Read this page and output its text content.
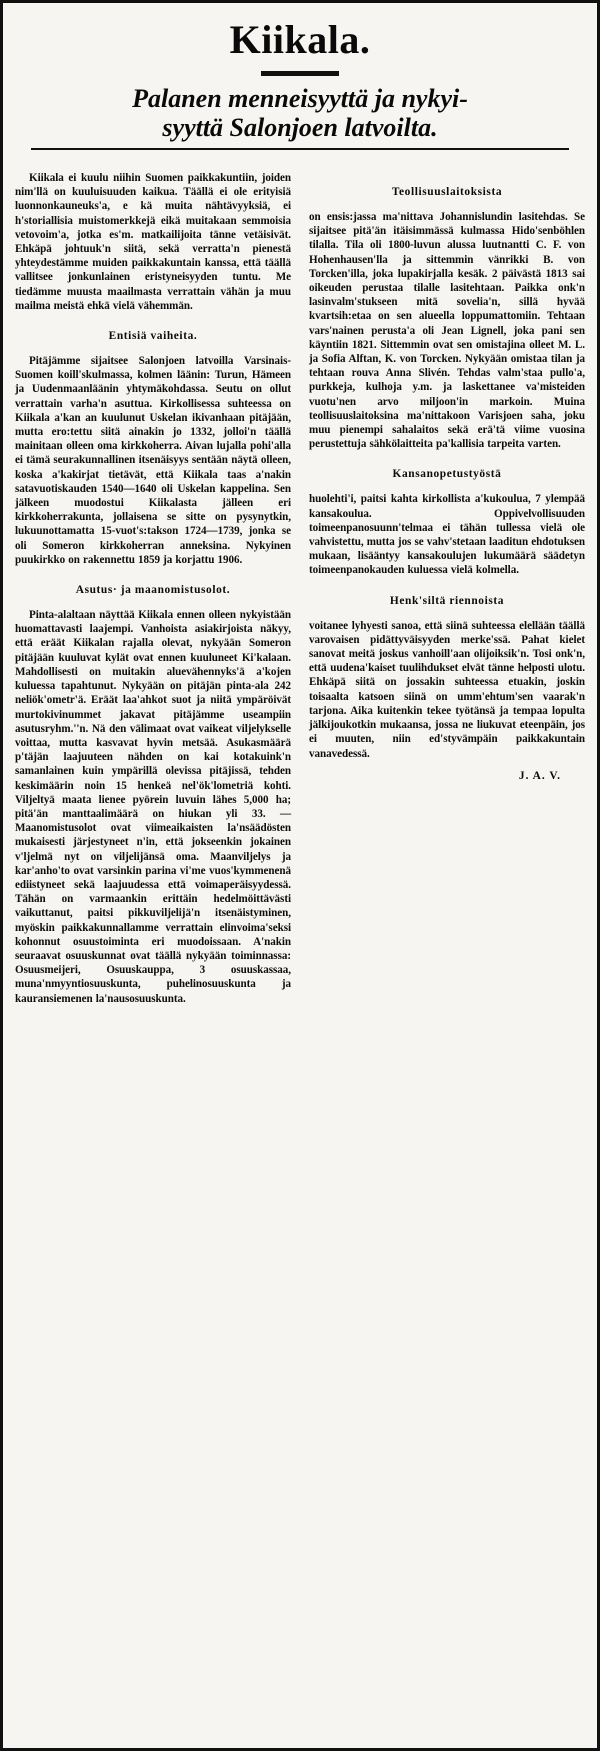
Kiikala.
Palanen menneisyyttä ja nykyi-
syyttä Salonjoen latvoilta.

Kiikala ei kuulu niihin Suomen paikkakuntiin, joiden nim'llä on kuuluisuuden kaikua. Täällä ei ole erityisiä luonnonkauneuks'a, e kä muita nähtävyyksiä, ei h'storiallisia muistomerkkejä eikä muitakaan semmoisia vetovoim'a, jotka es'm. matkailijoita tänne vetäisivät. Ehkäpä johtuuk'n siitä, sekä verratta'n pienestä yhteydestämme muiden paikkakuntain kanssa, että täällä vallitsee jonkunlainen eristyneisyyden tuntu. Me tiedämme muusta maailmasta verrattain vähän ja muu mailma meistä ehkä vielä vähemmän.

Entisiä vaiheita.

Pitäjämme sijaitsee Salonjoen latvoilla Varsinais-Suomen koill'skulmassa, kolmen läänin: Turun, Hämeen ja Uudenmaanläänin yhtymäkohdassa. Seutu on ollut verrattain varha'n asuttua. Kirkollisessa suhteessa on Kiikala a'kan an kuulunut Uskelan ikivanhaan pitäjään, mutta ero:tettu siitä ainakin jo 1332, jolloi'n täällä mainitaan olleen oma kirkkoherra. Aivan lujalla pohi'alla ei tämä seurakunnallinen itsenäisyys sentään näytä olleen, koska a'kakirjat tietävät, että Kiikala taas a'nakin satavuotiskauden 1540—1640 oli Uskelan kappelina. Sen jälkeen muodostui Kiikalasta jälleen eri kirkkoherrakunta, jollaisena se sitte on pysynytkin, lukuunottamatta 15-vuot's:takson 1724—1739, jonka se oli Someron kirkkoherran anneksina. Nykyinen puukirkko on rakennettu 1859 ja korjattu 1906.

Asutus· ja maanomistusolot.

Pinta-alaltaan näyttää Kiikala ennen olleen nykyistään huomattavasti laajempi. Vanhoista asiakirjoista näkyy, että eräät Kiikalan rajalla olevat, nykyään Someron pitäjään kuuluvat kylät ovat ennen kuuluneet Ki'kalaan. Mahdollisesti on muitakin aluevähennyks'ä a'kojen kuluessa tapahtunut. Nykyään on pitäjän pinta-ala 242 neliök'ometr'ä. Eräät laa'ahkot suot ja niitä ympäröivät murtokivinummet jakavat pitäjämme useampiin asutusryhm.''n. Nä den välimaat ovat vaikeat viljelykselle voittaa, mutta kasvavat hyvin metsää. Asukasmäärä p'täjän laajuuteen nähden on kai kotakuink'n samanlainen kuin ympärillä olevissa pitäjissä, tehden keskimäärin noin 15 henkeä nel'ök'lometriä kohti. Viljeltyä maata lienee pyörein luvuin lähes 5,000 ha; pitä'än manttaalimäärä on hiukan yli 33. — Maanomistusolot ovat viimeaikaisten la'nsäädösten mukaisesti järjestyneet n'in, että jokseenkin jokainen v'ljelmä nyt on viljelijänsä oma. Maanviljelys ja kar'anho'to ovat varsinkin parina vi'me vuos'kymmenenä ediistyneet sekä laajuudessa että voimaperäisyydessä. Tähän on varmaankin erittäin hedelmöittävästi vaikuttanut, paitsi pikkuviljelijä'n itsenäistyminen, myöskin paikkakunnallamme verrattain elinvoima'seksi kohonnut osuustoiminta eri muodoissaan. A'nakin seuraavat osuuskunnat ovat täällä nykyään toiminnassa: Osuusmeijeri, Osuuskauppa, 3 osuuskassaa, muna'nmyyntiosuuskunta, puhelinosuuskunta ja kauransiemenen la'nausosuuskunta.

Teollisuuslaitoksista

on ensis:jassa ma'nittava Johannislundin lasitehdas. Se sijaitsee pitä'än itäisimmässä kulmassa Hido'senböhlen tilalla. Tila oli 1800-luvun alussa luutnantti C. F. von Hohenhausen'lla ja sittemmin vänrikki B. von Torcken'illa, joka lupakirjalla kesäk. 2 päivästä 1813 sai oikeuden perustaa tilalle lasitehtaan. Paikka onk'n lasinvalm'stukseen mitä sovelia'n, sillä hyvää kvartsih:etaa on sen alueella loppumattomiin. Tehtaan vars'nainen perusta'a oli Jean Lignell, joka pani sen käyntiin 1821. Sittemmin ovat sen omistajina olleet M. L. ja Sofia Alftan, K. von Torcken. Nykyään omistaa tilan ja tehtaan rouva Anna Slivén. Tehdas valm'staa pullo'a, purkkeja, kulhoja y.m. ja laskettanee va'misteiden vuotu'nen arvo miljoon'in markoin. Muina teollisuuslaitoksina ma'nittakoon Varisjoen saha, joku muu pienempi sahalaitos sekä erä'tä viime vuosina perustettuja sähkölaitteita pa'kallisia tarpeita varten.

Kansanopetustyöstä

huolehti'i, paitsi kahta kirkollista a'kukoulua, 7 ylempää kansakoulua. Oppivelvollisuuden toimeenpanosuunn'telmaa ei tähän tullessa vielä ole vahvistettu, mutta jos se vahv'stetaan laaditun ehdotuksen mukaan, lisääntyy kansakoulujen lukumäärä säädetyn toimeenpanokauden kuluessa vielä kolmella.

Henk'siltä riennoista

voitanee lyhyesti sanoa, että siinä suhteessa elellään täällä varovaisen pidättyväisyyden merke'ssä. Pahat kielet sanovat meitä joskus vanhoill'aan olijoiksik'n. Tosi onk'n, että uudena'kaiset tuulihdukset elvät tänne helposti ulotu. Ehkäpä siitä on jossakin suhteessa etuakin, joskin toisaalta katsoen siinä on umm'ehtum'sen vaarak'n tarjona. Aika kuitenkin tekee työtänsä ja tempaa lopulta jälkijoukotkin mukaansa, jossa ne liukuvat eteenpäin, jos ei muuten, niin ed'styvämpäin paikkakuntain vanavedessä.

J. A. V.
